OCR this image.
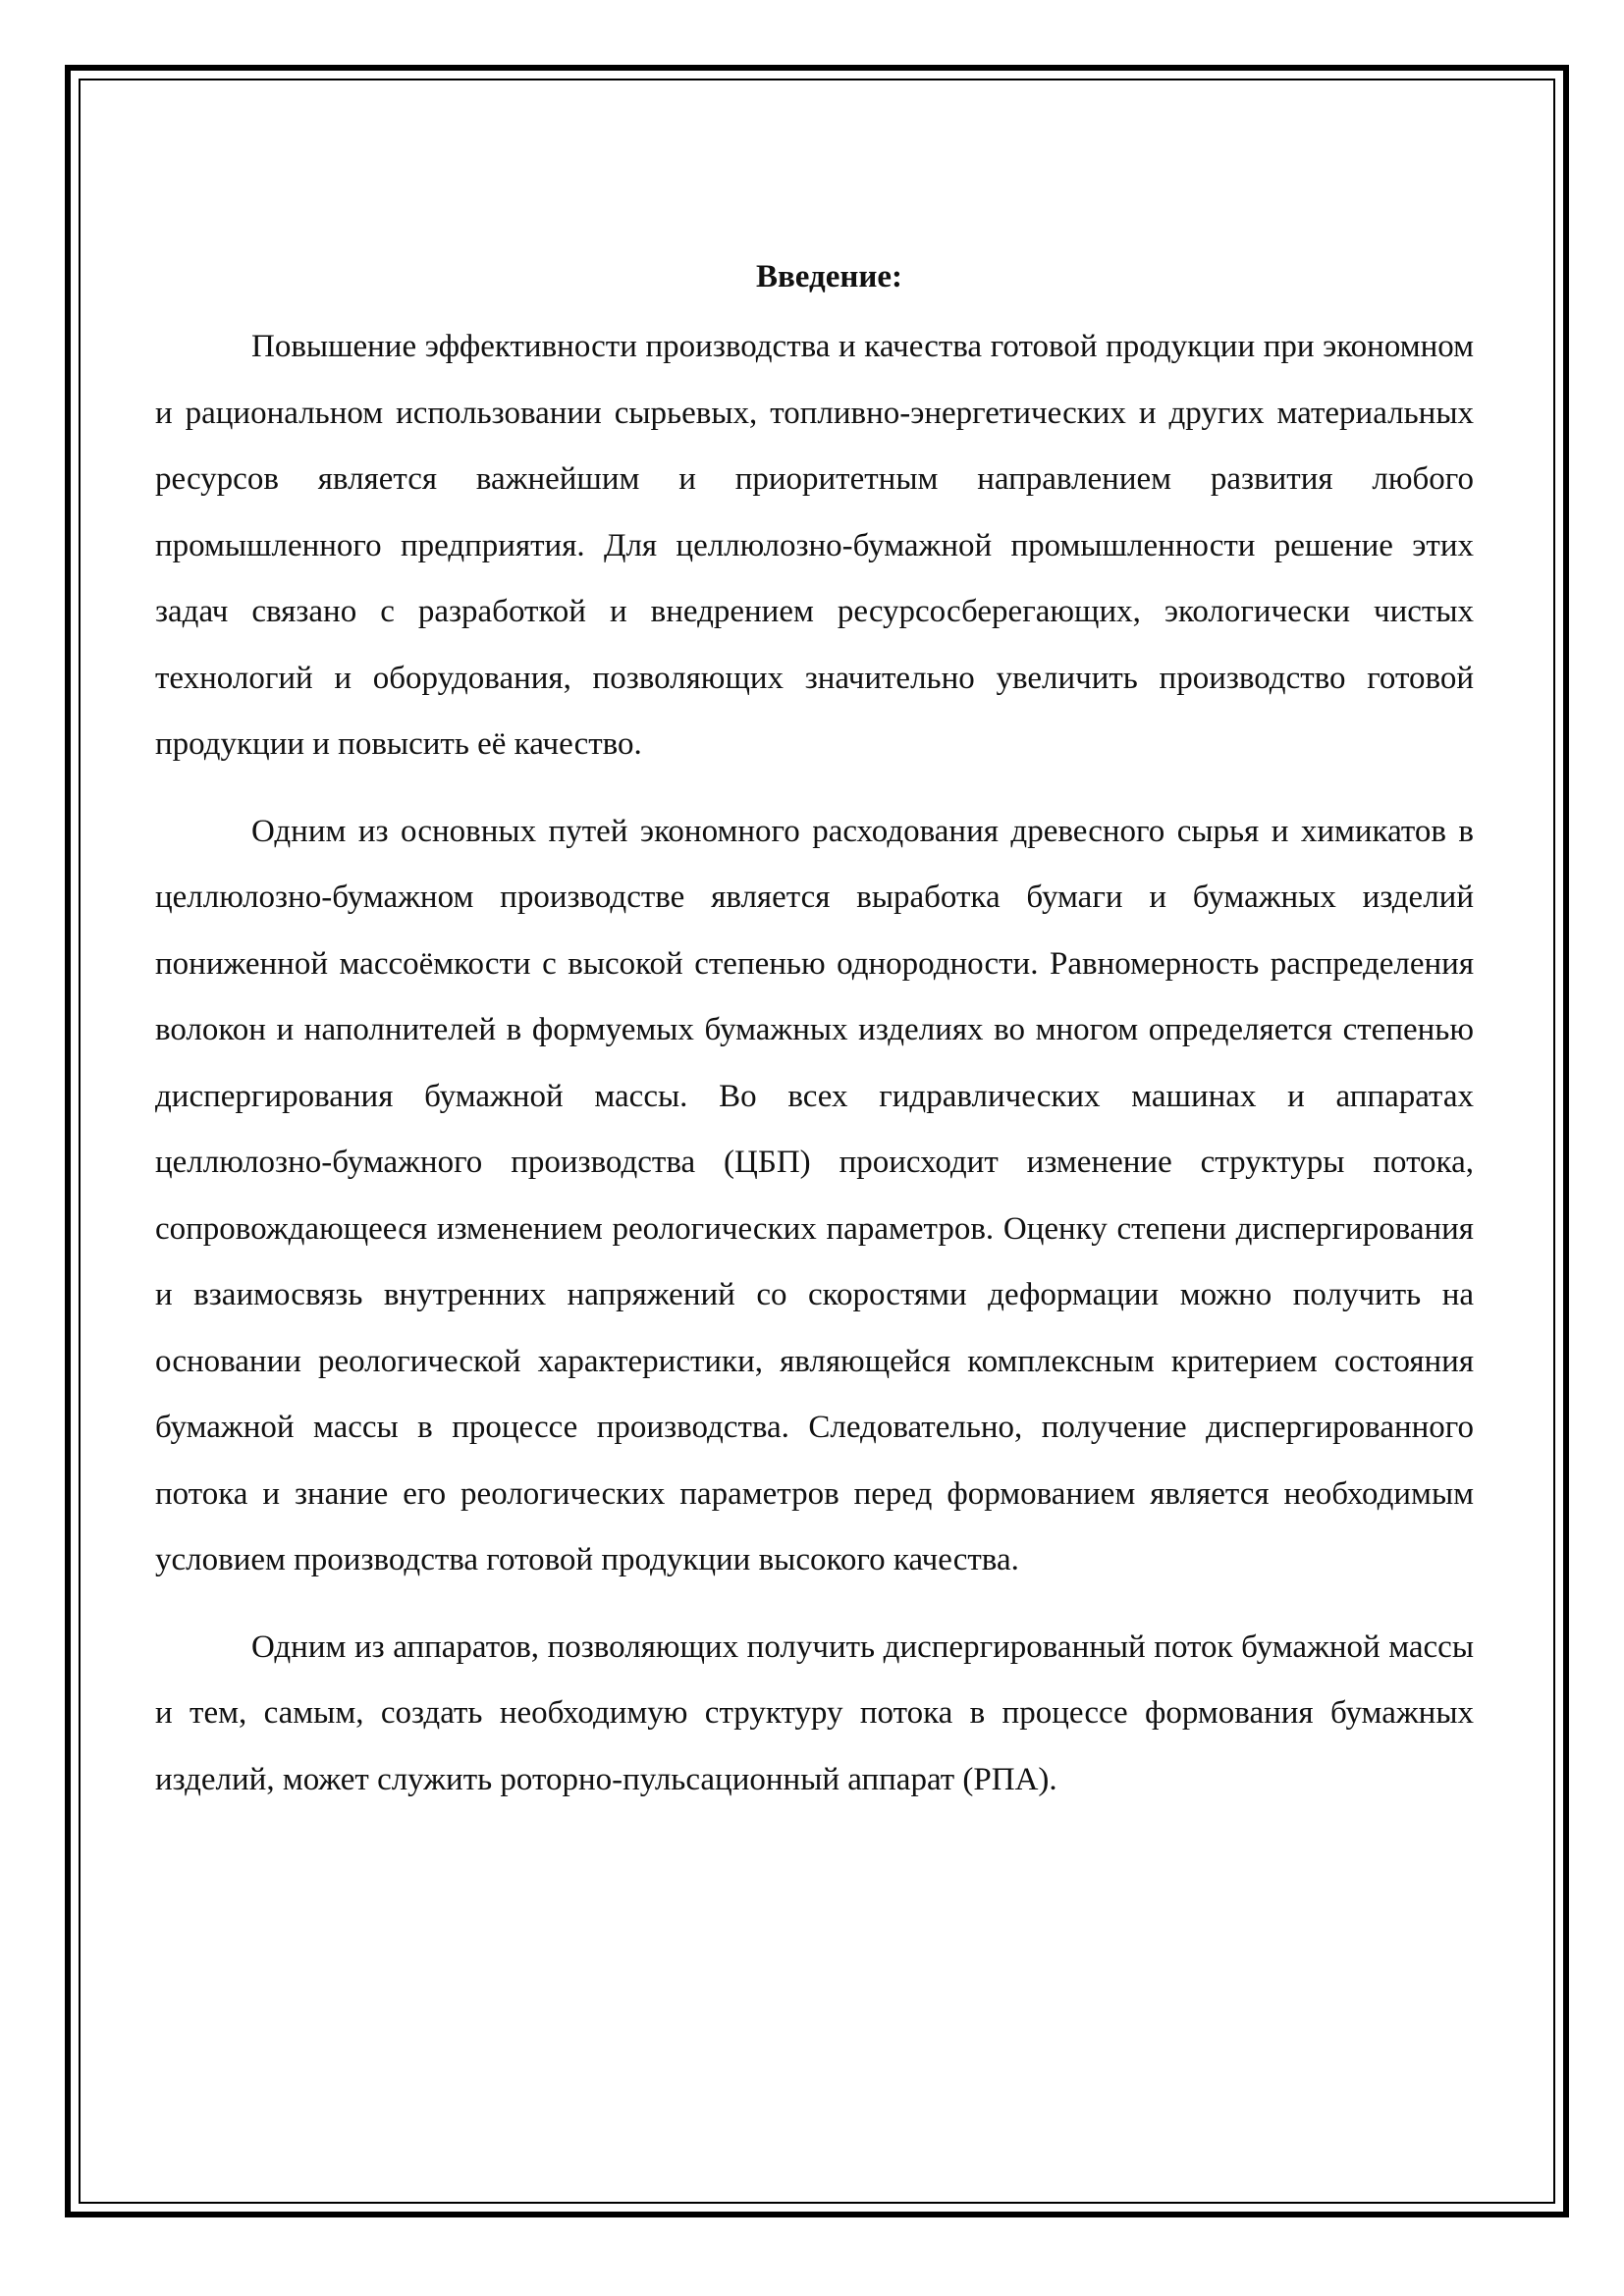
Введение:

Повышение эффективности производства и качества готовой продукции при экономном и рациональном использовании сырьевых, топливно-энергетических и других материальных ресурсов является важнейшим и приоритетным направлением развития любого промышленного предприятия. Для целлюлозно-бумажной промышленности решение этих задач связано с разработкой и внедрением ресурсосберегающих, экологически чистых технологий и оборудования, позволяющих значительно увеличить производство готовой продукции и повысить её качество.

Одним из основных путей экономного расходования древесного сырья и химикатов в целлюлозно-бумажном производстве является выработка бумаги и бумажных изделий пониженной массоёмкости с высокой степенью однородности. Равномерность распределения волокон и наполнителей в формуемых бумажных изделиях во многом определяется степенью диспергирования бумажной массы. Во всех гидравлических машинах и аппаратах целлюлозно-бумажного производства (ЦБП) происходит изменение структуры потока, сопровождающееся изменением реологических параметров. Оценку степени диспергирования и взаимосвязь внутренних напряжений со скоростями деформации можно получить на основании реологической характеристики, являющейся комплексным критерием состояния бумажной массы в процессе производства. Следовательно, получение диспергированного потока и знание его реологических параметров перед формованием является необходимым условием производства готовой продукции высокого качества.

Одним из аппаратов, позволяющих получить диспергированный поток бумажной массы и тем, самым, создать необходимую структуру потока в процессе формования бумажных изделий, может служить роторно-пульсационный аппарат (РПА).
